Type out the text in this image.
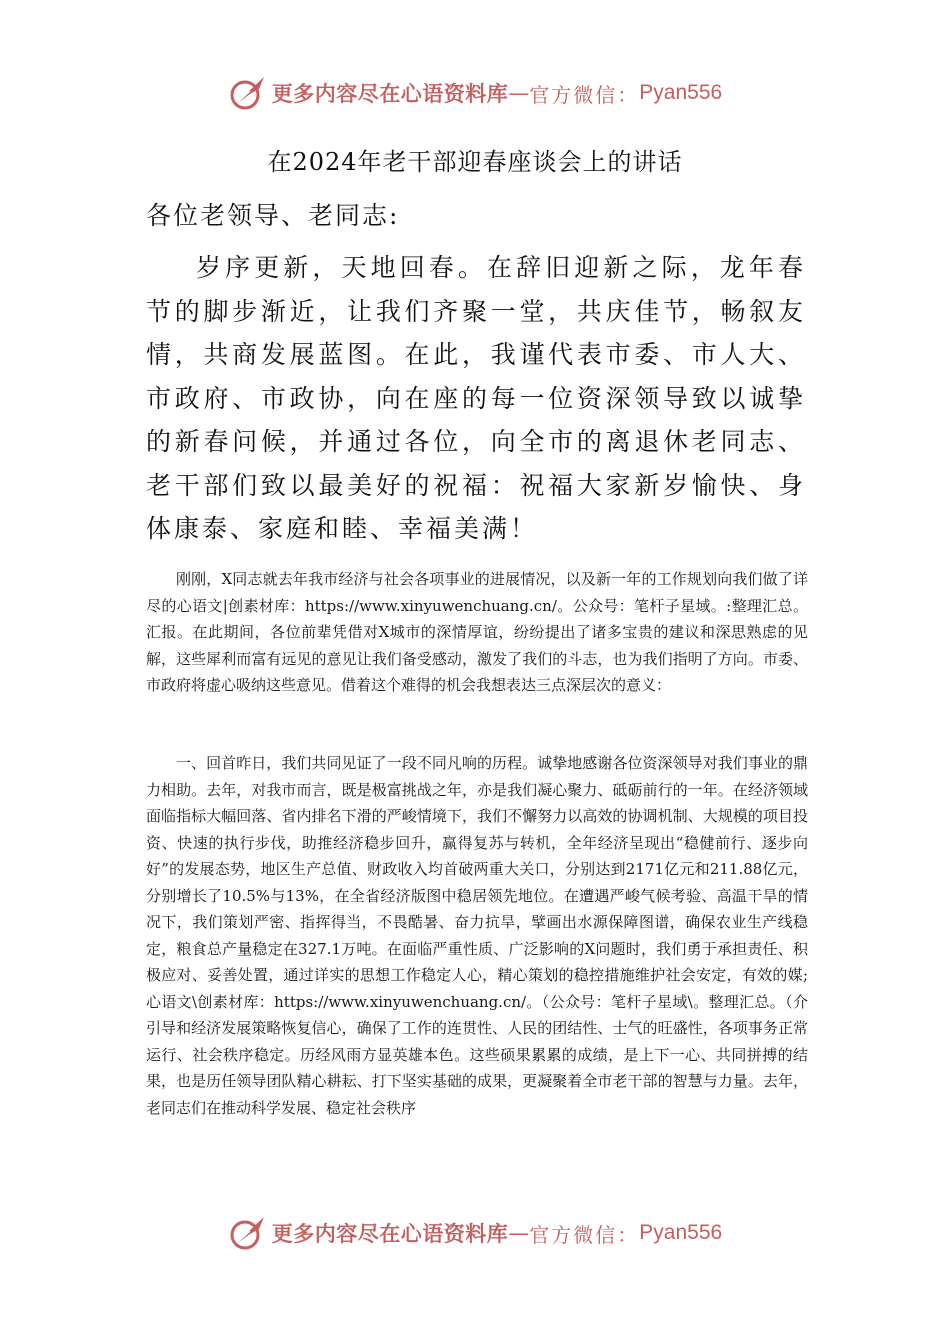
更多内容尽在心语资料库 — 官方微信： Pyan556
在2024年老干部迎春座谈会上的讲话
各位老领导、老同志:

岁序更新，天地回春。在辞旧迎新之际，龙年春节的脚步渐近，让我们齐聚一堂，共庆佳节，畅叙友情，共商发展蓝图。在此，我谨代表市委、市人大、市政府、市政协，向在座的每一位资深领导致以诚挚的新春问候，并通过各位，向全市的离退休老同志、老干部们致以最美好的祝福：祝福大家新岁愉快、身体康泰、家庭和睦、幸福美满！

刚刚，X同志就去年我市经济与社会各项事业的进展情况，以及新一年的工作规划向我们做了详尽的心语文|创素材库：https://www.xinyuwenchuang.cn/。公众号：笔杆子星域。:整理汇总。汇报。在此期间，各位前辈凭借对X城市的深情厚谊，纷纷提出了诸多宝贵的建议和深思熟虑的见解，这些犀利而富有远见的意见让我们备受感动，激发了我们的斗志，也为我们指明了方向。市委、市政府将虚心吸纳这些意见。借着这个难得的机会我想表达三点深层次的意义：

一、回首昨日，我们共同见证了一段不同凡响的历程。诚挚地感谢各位资深领导对我们事业的鼎力相助。去年，对我市而言，既是极富挑战之年，亦是我们凝心聚力、砥砺前行的一年。在经济领域面临指标大幅回落、省内排名下滑的严峻情境下，我们不懈努力以高效的协调机制、大规模的项目投资、快速的执行步伐，助推经济稳步回升，赢得复苏与转机，全年经济呈现出“稳健前行、逐步向好”的发展态势，地区生产总值、财政收入均首破两重大关口，分别达到2171亿元和211.88亿元，分别增长了10.5%与13%，在全省经济版图中稳居领先地位。在遭遇严峻气候考验、高温干旱的情况下，我们策划严密、指挥得当，不畏酷暑、奋力抗旱，擘画出水源保障图谱，确保农业生产线稳定，粮食总产量稳定在327.1万吨。在面临严重性质、广泛影响的X问题时，我们勇于承担责任、积极应对、妥善处置，通过详实的思想工作稳定人心，精心策划的稳控措施维护社会安定，有效的媒;心语文\创素材库：https://www.xinyuwenchuang.cn/。（公众号：笔杆子星域\。整理汇总。（介引导和经济发展策略恢复信心，确保了工作的连贯性、人民的团结性、士气的旺盛性，各项事务正常运行、社会秩序稳定。历经风雨方显英雄本色。这些硕果累累的成绩，是上下一心、共同拼搏的结果，也是历任领导团队精心耕耘、打下坚实基础的成果，更凝聚着全市老干部的智慧与力量。去年，老同志们在推动科学发展、稳定社会秩序

更多内容尽在心语资料库 — 官方微信： Pyan556
